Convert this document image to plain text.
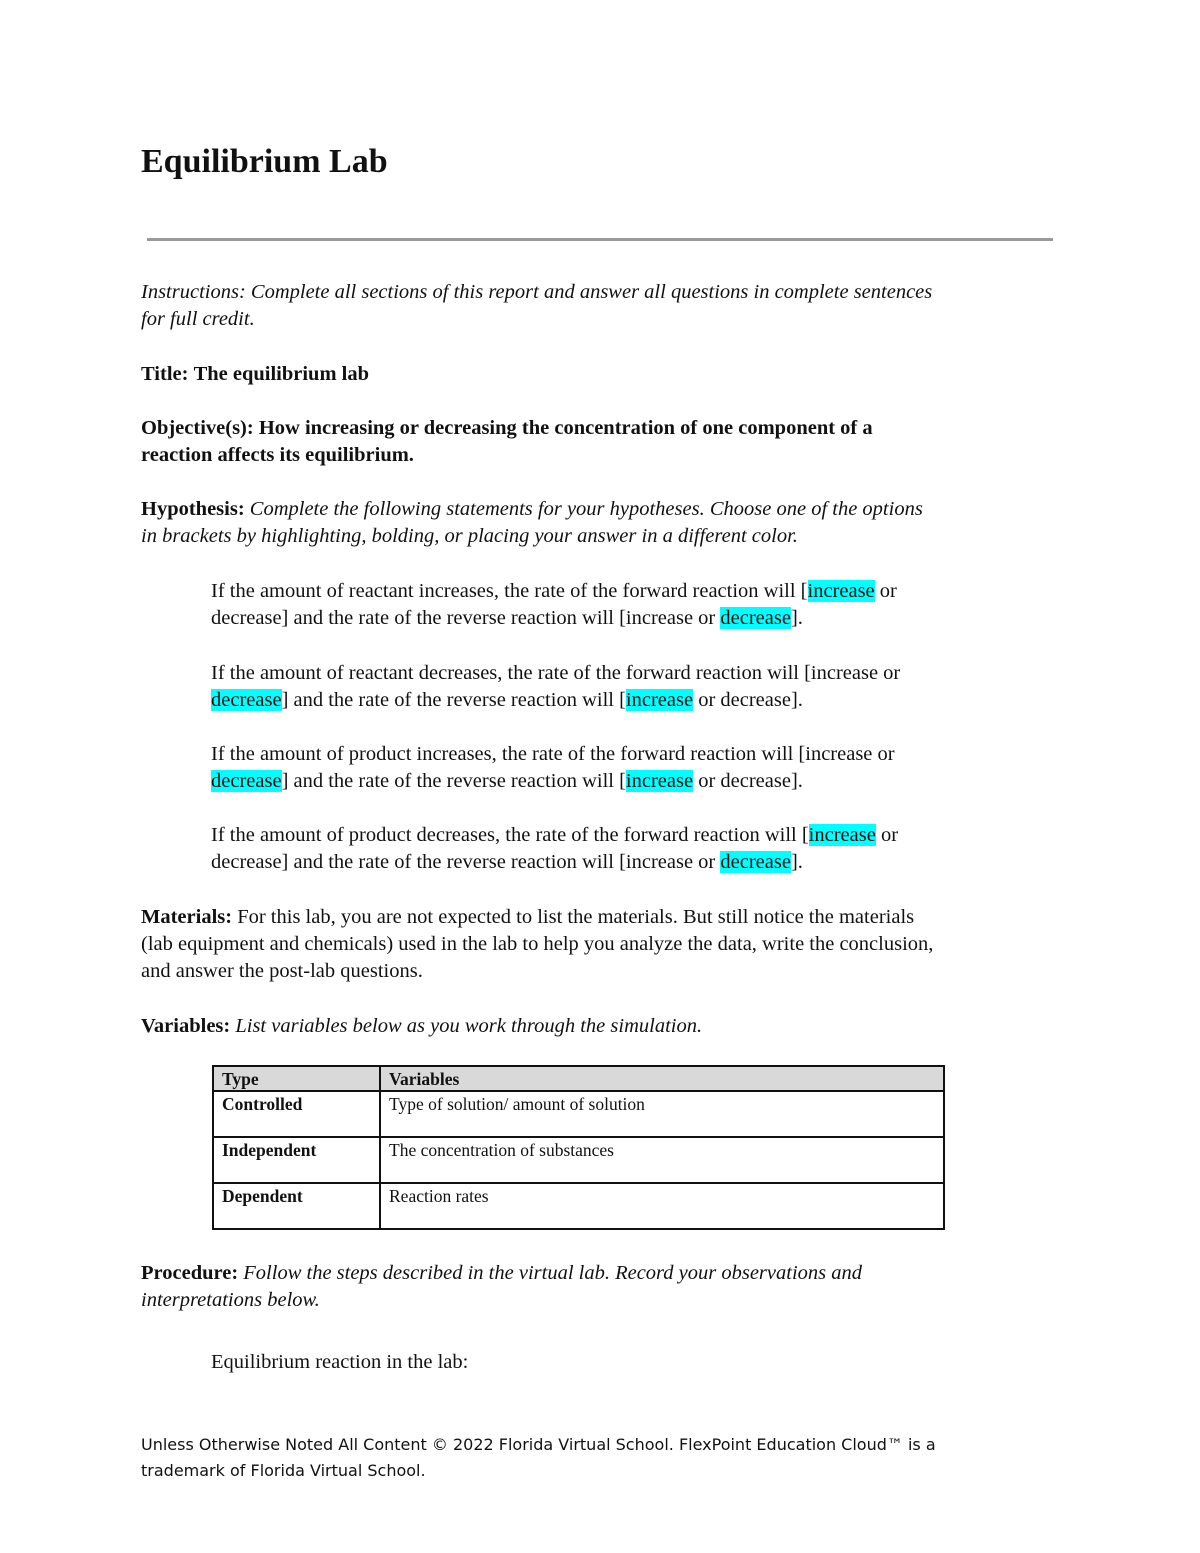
Equilibrium Lab

Instructions: Complete all sections of this report and answer all questions in complete sentences
for full credit.

Title: The equilibrium lab

Objective(s): How increasing or decreasing the concentration of one component of a
reaction affects its equilibrium.

Hypothesis: Complete the following statements for your hypotheses. Choose one of the options
in brackets by highlighting, bolding, or placing your answer in a different color.

If the amount of reactant increases, the rate of the forward reaction will [increase or
decrease] and the rate of the reverse reaction will [increase or decrease].

If the amount of reactant decreases, the rate of the forward reaction will [increase or
decrease] and the rate of the reverse reaction will [increase or decrease].

If the amount of product increases, the rate of the forward reaction will [increase or
decrease] and the rate of the reverse reaction will [increase or decrease].

If the amount of product decreases, the rate of the forward reaction will [increase or
decrease] and the rate of the reverse reaction will [increase or decrease].

Materials: For this lab, you are not expected to list the materials. But still notice the materials
(lab equipment and chemicals) used in the lab to help you analyze the data, write the conclusion,
and answer the post-lab questions.

Variables: List variables below as you work through the simulation.

Type	Variables
Controlled	Type of solution/ amount of solution
Independent	The concentration of substances
Dependent	Reaction rates

Procedure: Follow the steps described in the virtual lab. Record your observations and
interpretations below.

Equilibrium reaction in the lab:

Unless Otherwise Noted All Content © 2022 Florida Virtual School. FlexPoint Education Cloud™ is a
trademark of Florida Virtual School.
